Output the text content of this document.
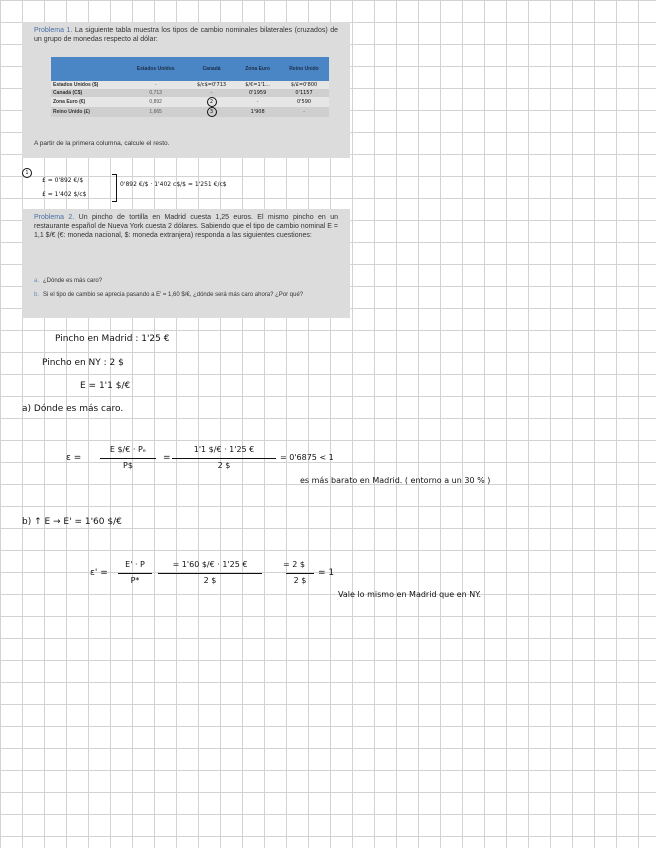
Problema 1. La siguiente tabla muestra los tipos de cambio nominales bilaterales (cruzados) de un grupo de monedas respecto al dólar:
	Estados Unidos	Canadá	Zona Euro	Reino Unido
Estados Unidos ($)	-	$/c$=0'713	$/€=1'1...	$/£=0'800
Canadá (C$)	0,713	-	0'1959	0'1157
Zona Euro (€)	0,892	2	-	0'590
Reino Unido (£)	1,665	3	1'908	-
A partir de la primera columna, calcule el resto.
1
£ = 0'892 €/$
£ = 1'402 $/c$
0'892 €/$ · 1'402 c$/$ = 1'251 €/c$
Problema 2. Un pincho de tortilla en Madrid cuesta 1,25 euros. El mismo pincho en un restaurante español de Nueva York cuesta 2 dólares. Sabiendo que el tipo de cambio nominal E = 1,1 $/€ (€: moneda nacional, $: moneda extranjera) responda a las siguientes cuestiones:
a. ¿Dónde es más caro?
b. Si el tipo de cambio se aprecia pasando a E' = 1,60 $/€, ¿dónde será más caro ahora? ¿Por qué?
Pincho en Madrid : 1'25 €
Pincho en NY : 2 $
E = 1'1 $/€
a) Dónde es más caro.
ε =
E $/€ · Pₑ
P$
=
1'1 $/€ · 1'25 €
2 $
= 0'6875 < 1
es más barato en Madrid. ( entorno a un 30 % )
b) ↑ E → E' = 1'60 $/€
ε' =
E' · P
P*
= 1'60 $/€ · 1'25 €
2 $
= 2 $
2 $
= 1
Vale lo mismo en Madrid que en NY.
